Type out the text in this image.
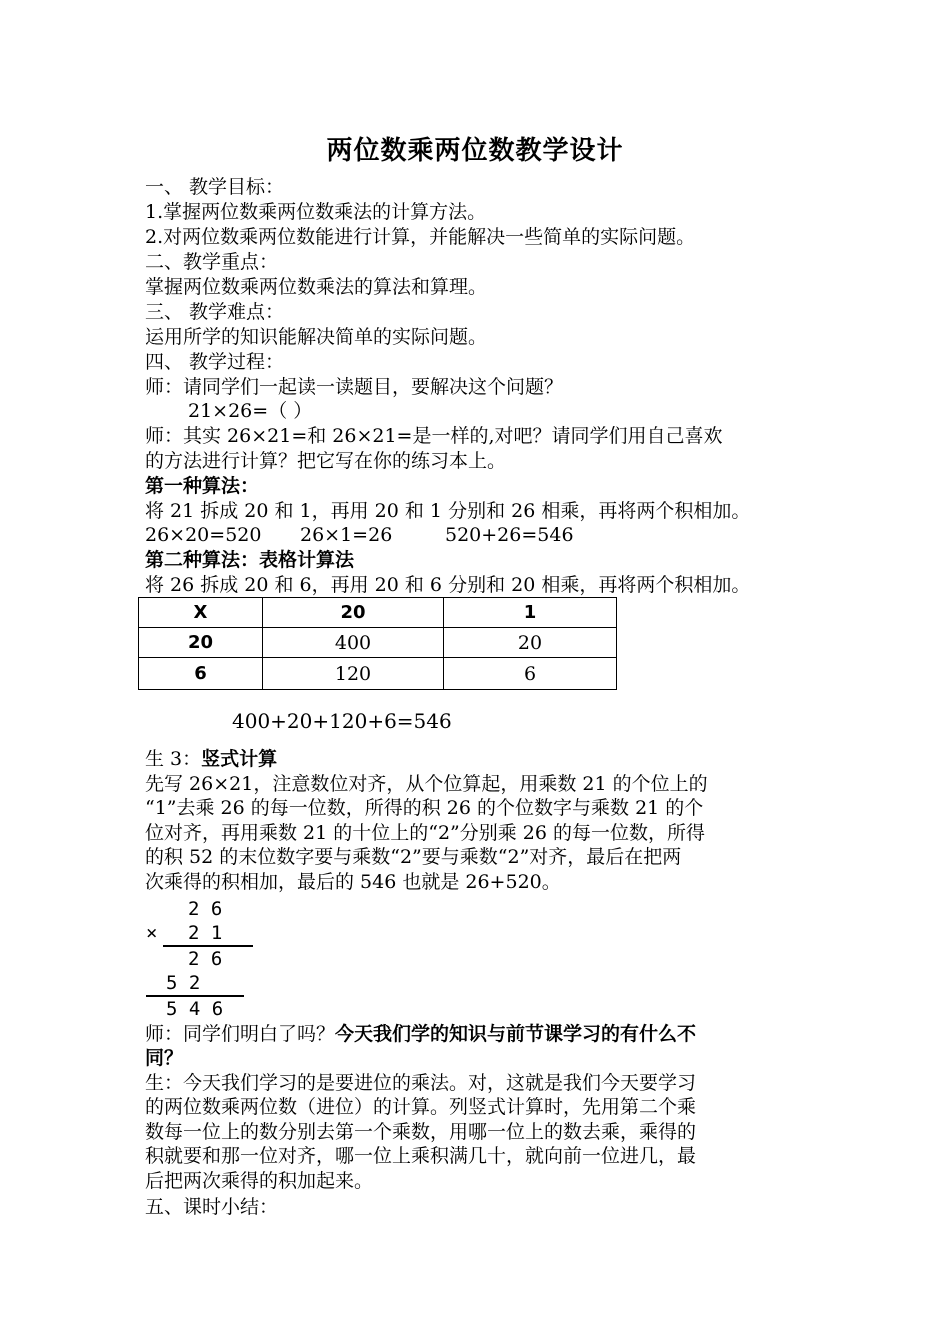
两位数乘两位数教学设计
一、 教学目标：
1.掌握两位数乘两位数乘法的计算方法。
2.对两位数乘两位数能进行计算，并能解决一些简单的实际问题。
二、教学重点：
掌握两位数乘两位数乘法的算法和算理。
三、 教学难点：
运用所学的知识能解决简单的实际问题。
四、 教学过程：
师：请同学们一起读一读题目，要解决这个问题？
21×26=（ ）
师：其实 26×21=和 26×21=是一样的,对吧？请同学们用自己喜欢
的方法进行计算？把它写在你的练习本上。
第一种算法：
将 21 拆成 20 和 1，再用 20 和 1 分别和 26 相乘，再将两个积相加。
26×20=520 26×1=26	520+26=546
第二种算法：表格计算法
将 26 拆成 20 和 6，再用 20 和 6 分别和 20 相乘，再将两个积相加。
X	20	1
20	400	20
6	120	6
400+20+120+6=546
生 3：竖式计算
先写 26×21，注意数位对齐，从个位算起，用乘数 21 的个位上的
“1”去乘 26 的每一位数，所得的积 26 的个位数字与乘数 21 的个
位对齐，再用乘数 21 的十位上的“2”分别乘 26 的每一位数，所得
的积 52 的末位数字要与乘数“2”要与乘数“2”对齐，最后在把两
次乘得的积相加，最后的 546 也就是 26+520。
2 6
× 2 1
2 6
5 2
5 4 6
师：同学们明白了吗？今天我们学的知识与前节课学习的有什么不
同？
生：今天我们学习的是要进位的乘法。对，这就是我们今天要学习
的两位数乘两位数（进位）的计算。列竖式计算时，先用第二个乘
数每一位上的数分别去第一个乘数，用哪一位上的数去乘，乘得的
积就要和那一位对齐，哪一位上乘积满几十，就向前一位进几，最
后把两次乘得的积加起来。
五、课时小结：
